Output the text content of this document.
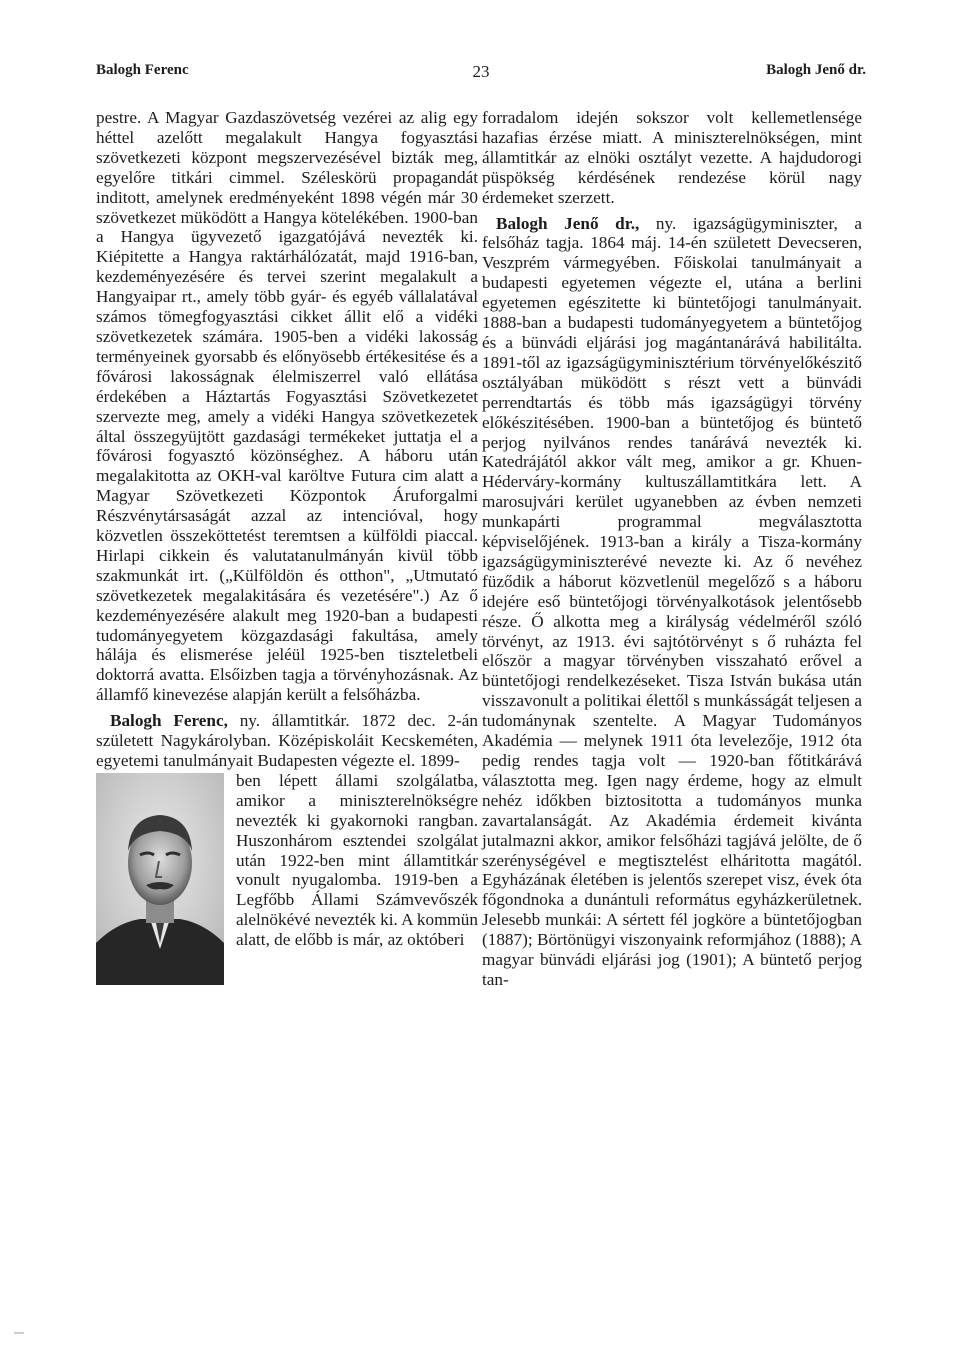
Balogh Ferenc	23	Balogh Jenő dr.

pestre. A Magyar Gazdaszövetség vezérei az alig egy héttel azelőtt megalakult Hangya fogyasztási szövetkezeti központ megszervezésével bizták meg, egyelőre titkári cimmel. Széleskörü propagandát inditott, amelynek eredményeként 1898 végén már 30 szövetkezet müködött a Hangya kötelékében. 1900-ban a Hangya ügyvezető igazgatójává nevezték ki. Kiépitette a Hangya raktárhálózatát, majd 1916-ban, kezdeményezésére és tervei szerint megalakult a Hangyaipar rt., amely több gyár- és egyéb vállalatával számos tömegfogyasztási cikket állit elő a vidéki szövetkezetek számára. 1905-ben a vidéki lakosság terményeinek gyorsabb és előnyösebb értékesitése és a fővárosi lakosságnak élelmiszerrel való ellátása érdekében a Háztartás Fogyasztási Szövetkezetet szervezte meg, amely a vidéki Hangya szövetkezetek által összegyüjtött gazdasági termékeket juttatja el a fővárosi fogyasztó közönséghez. A háboru után megalakitotta az OKH-val karöltve Futura cim alatt a Magyar Szövetkezeti Központok Áruforgalmi Részvénytársaságát azzal az intencióval, hogy közvetlen összeköttetést teremtsen a külföldi piaccal. Hirlapi cikkein és valutatanulmányán kivül több szakmunkát irt. („Külföldön és otthon", „Utmutató szövetkezetek megalakitására és vezetésére".) Az ő kezdeményezésére alakult meg 1920-ban a budapesti tudományegyetem közgazdasági fakultása, amely hálája és elismerése jeléül 1925-ben tiszteletbeli doktorrá avatta. Elsőizben tagja a törvényhozásnak. Az államfő kinevezése alapján került a felsőházba.

Balogh Ferenc, ny. államtitkár. 1872 dec. 2-án született Nagykárolyban. Középiskoláit Kecskeméten, egyetemi tanulmányait Budapesten végezte el. 1899-

ben lépett állami szolgálatba, amikor a miniszterelnökségre nevezték ki gyakornoki rangban. Huszonhárom esztendei szolgálat után 1922-ben mint államtitkár vonult nyugalomba. 1919-ben a Legfőbb Állami Számvevőszék alelnökévé nevezték ki. A kommün alatt, de előbb is már, az októberi

forradalom idején sokszor volt kellemetlensége hazafias érzése miatt. A miniszterelnökségen, mint államtitkár az elnöki osztályt vezette. A hajdudorogi püspökség kérdésének rendezése körül nagy érdemeket szerzett.

Balogh Jenő dr., ny. igazságügyminiszter, a felsőház tagja. 1864 máj. 14-én született Devecseren, Veszprém vármegyében. Főiskolai tanulmányait a budapesti egyetemen végezte el, utána a berlini egyetemen egészitette ki büntetőjogi tanulmányait. 1888-ban a budapesti tudományegyetem a büntetőjog és a bünvádi eljárási jog magántanárává habilitálta. 1891-től az igazságügyminisztérium törvényelőkészitő osztályában müködött s részt vett a bünvádi perrendtartás és több más igazságügyi törvény előkészitésében. 1900-ban a büntetőjog és büntető perjog nyilvános rendes tanárává nevezték ki. Katedrájától akkor vált meg, amikor a gr. Khuen-Héderváry-kormány kultuszállamtitkára lett. A marosujvári kerület ugyanebben az évben nemzeti munkapárti programmal megválasztotta képviselőjének. 1913-ban a király a Tisza-kormány igazságügyminiszterévé nevezte ki. Az ő nevéhez füződik a háborut közvetlenül megelőző s a háboru idejére eső büntetőjogi törvényalkotások jelentősebb része. Ő alkotta meg a királyság védelméről szóló törvényt, az 1913. évi sajtótörvényt s ő ruházta fel először a magyar törvényben visszaható erővel a büntetőjogi rendelkezéseket. Tisza István bukása után visszavonult a politikai élettől s munkásságát teljesen a tudománynak szentelte. A Magyar Tudományos Akadémia — melynek 1911 óta levelezője, 1912 óta pedig rendes tagja volt — 1920-ban főtitkárává választotta meg. Igen nagy érdeme, hogy az elmult nehéz időkben biztositotta a tudományos munka zavartalanságát. Az Akadémia érdemeit kivánta jutalmazni akkor, amikor felsőházi tagjává jelölte, de ő szerénységével e megtisztelést elháritotta magától. Egyházának életében is jelentős szerepet visz, évek óta főgondnoka a dunántuli református egyházkerületnek. Jelesebb munkái: A sértett fél jogköre a büntetőjogban (1887); Börtönügyi viszonyaink reformjához (1888); A magyar bünvádi eljárási jog (1901); A büntető perjog tan-
